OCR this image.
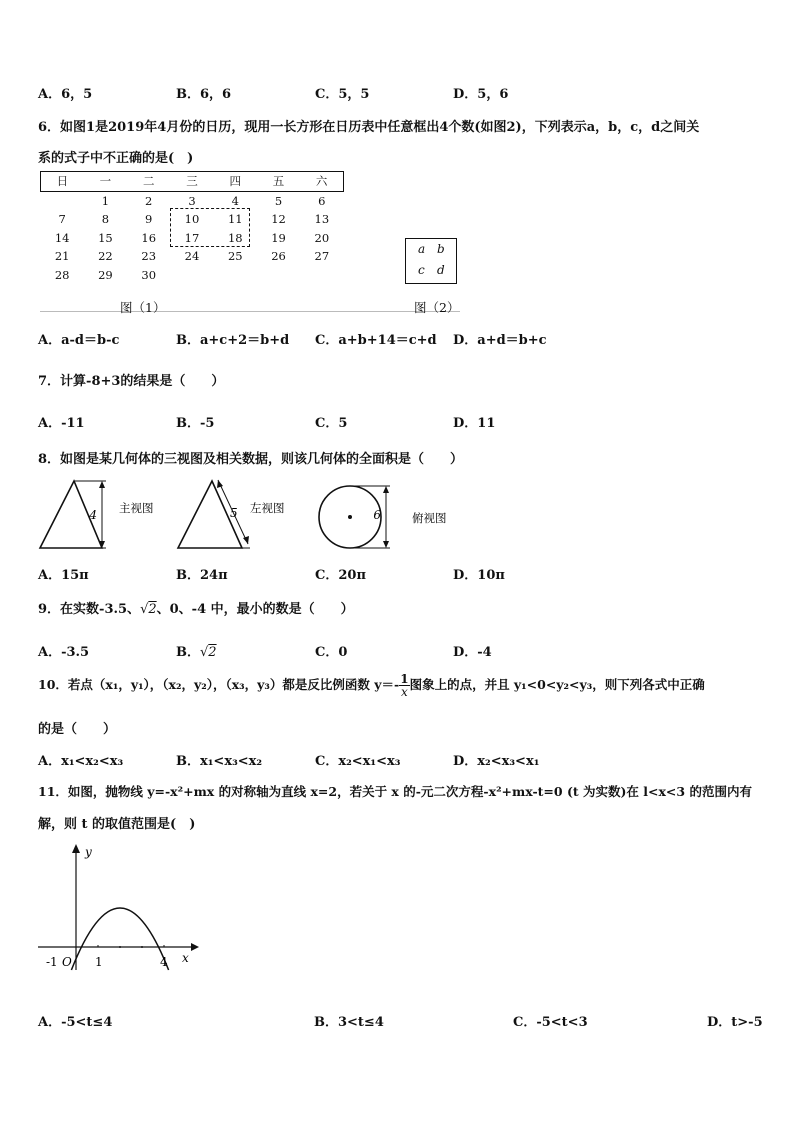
A．6，5	B．6，6	C．5，5	D．5，6
6．如图1是2019年4月份的日历，现用一长方形在日历表中任意框出4个数(如图2)，下列表示a，b，c，d之间关
系的式子中不正确的是(　)
日	一	二	三	四	五	六
	1	2	3	4	5	6
7	8	9	10	11	12	13
14	15	16	17	18	19	20
21	22	23	24	25	26	27
28	29	30				
a b
c d
图（1）	图（2）
A．a-d＝b-c	B．a+c+2＝b+d C．a+b+14＝c+d D．a+d＝b+c
7．计算-8+3的结果是（　　）
A．-11	B．-5	C．5	D．11
8．如图是某几何体的三视图及相关数据，则该几何体的全面积是（　　）
4 主视图	5 左视图	6	俯视图
A．15π	B．24π	C．20π	D．10π
9．在实数-3.5、√2、0、-4 中，最小的数是（　　）
A．-3.5	B．√2	C．0	D．-4
10．若点（x₁，y₁），（x₂，y₂），（x₃，y₃）都是反比例函数 $y=- \frac{1}{x}$ 图象上的点，并且 y₁<0<y₂<y₃，则下列各式中正确
的是（　　）
A．x₁<x₂<x₃	B．x₁<x₃<x₂	C．x₂<x₁<x₃	D．x₂<x₃<x₁
11．如图，抛物线 y=-x²+mx 的对称轴为直线 x=2，若关于 x 的-元二次方程-x²+mx-t=0 (t 为实数)在 l<x<3 的范围内有
解，则 t 的取值范围是(　)
y
x
-1 O 1	4
A．-5<t≤4	B．3<t≤4	C．-5<t<3	D．t>-5
